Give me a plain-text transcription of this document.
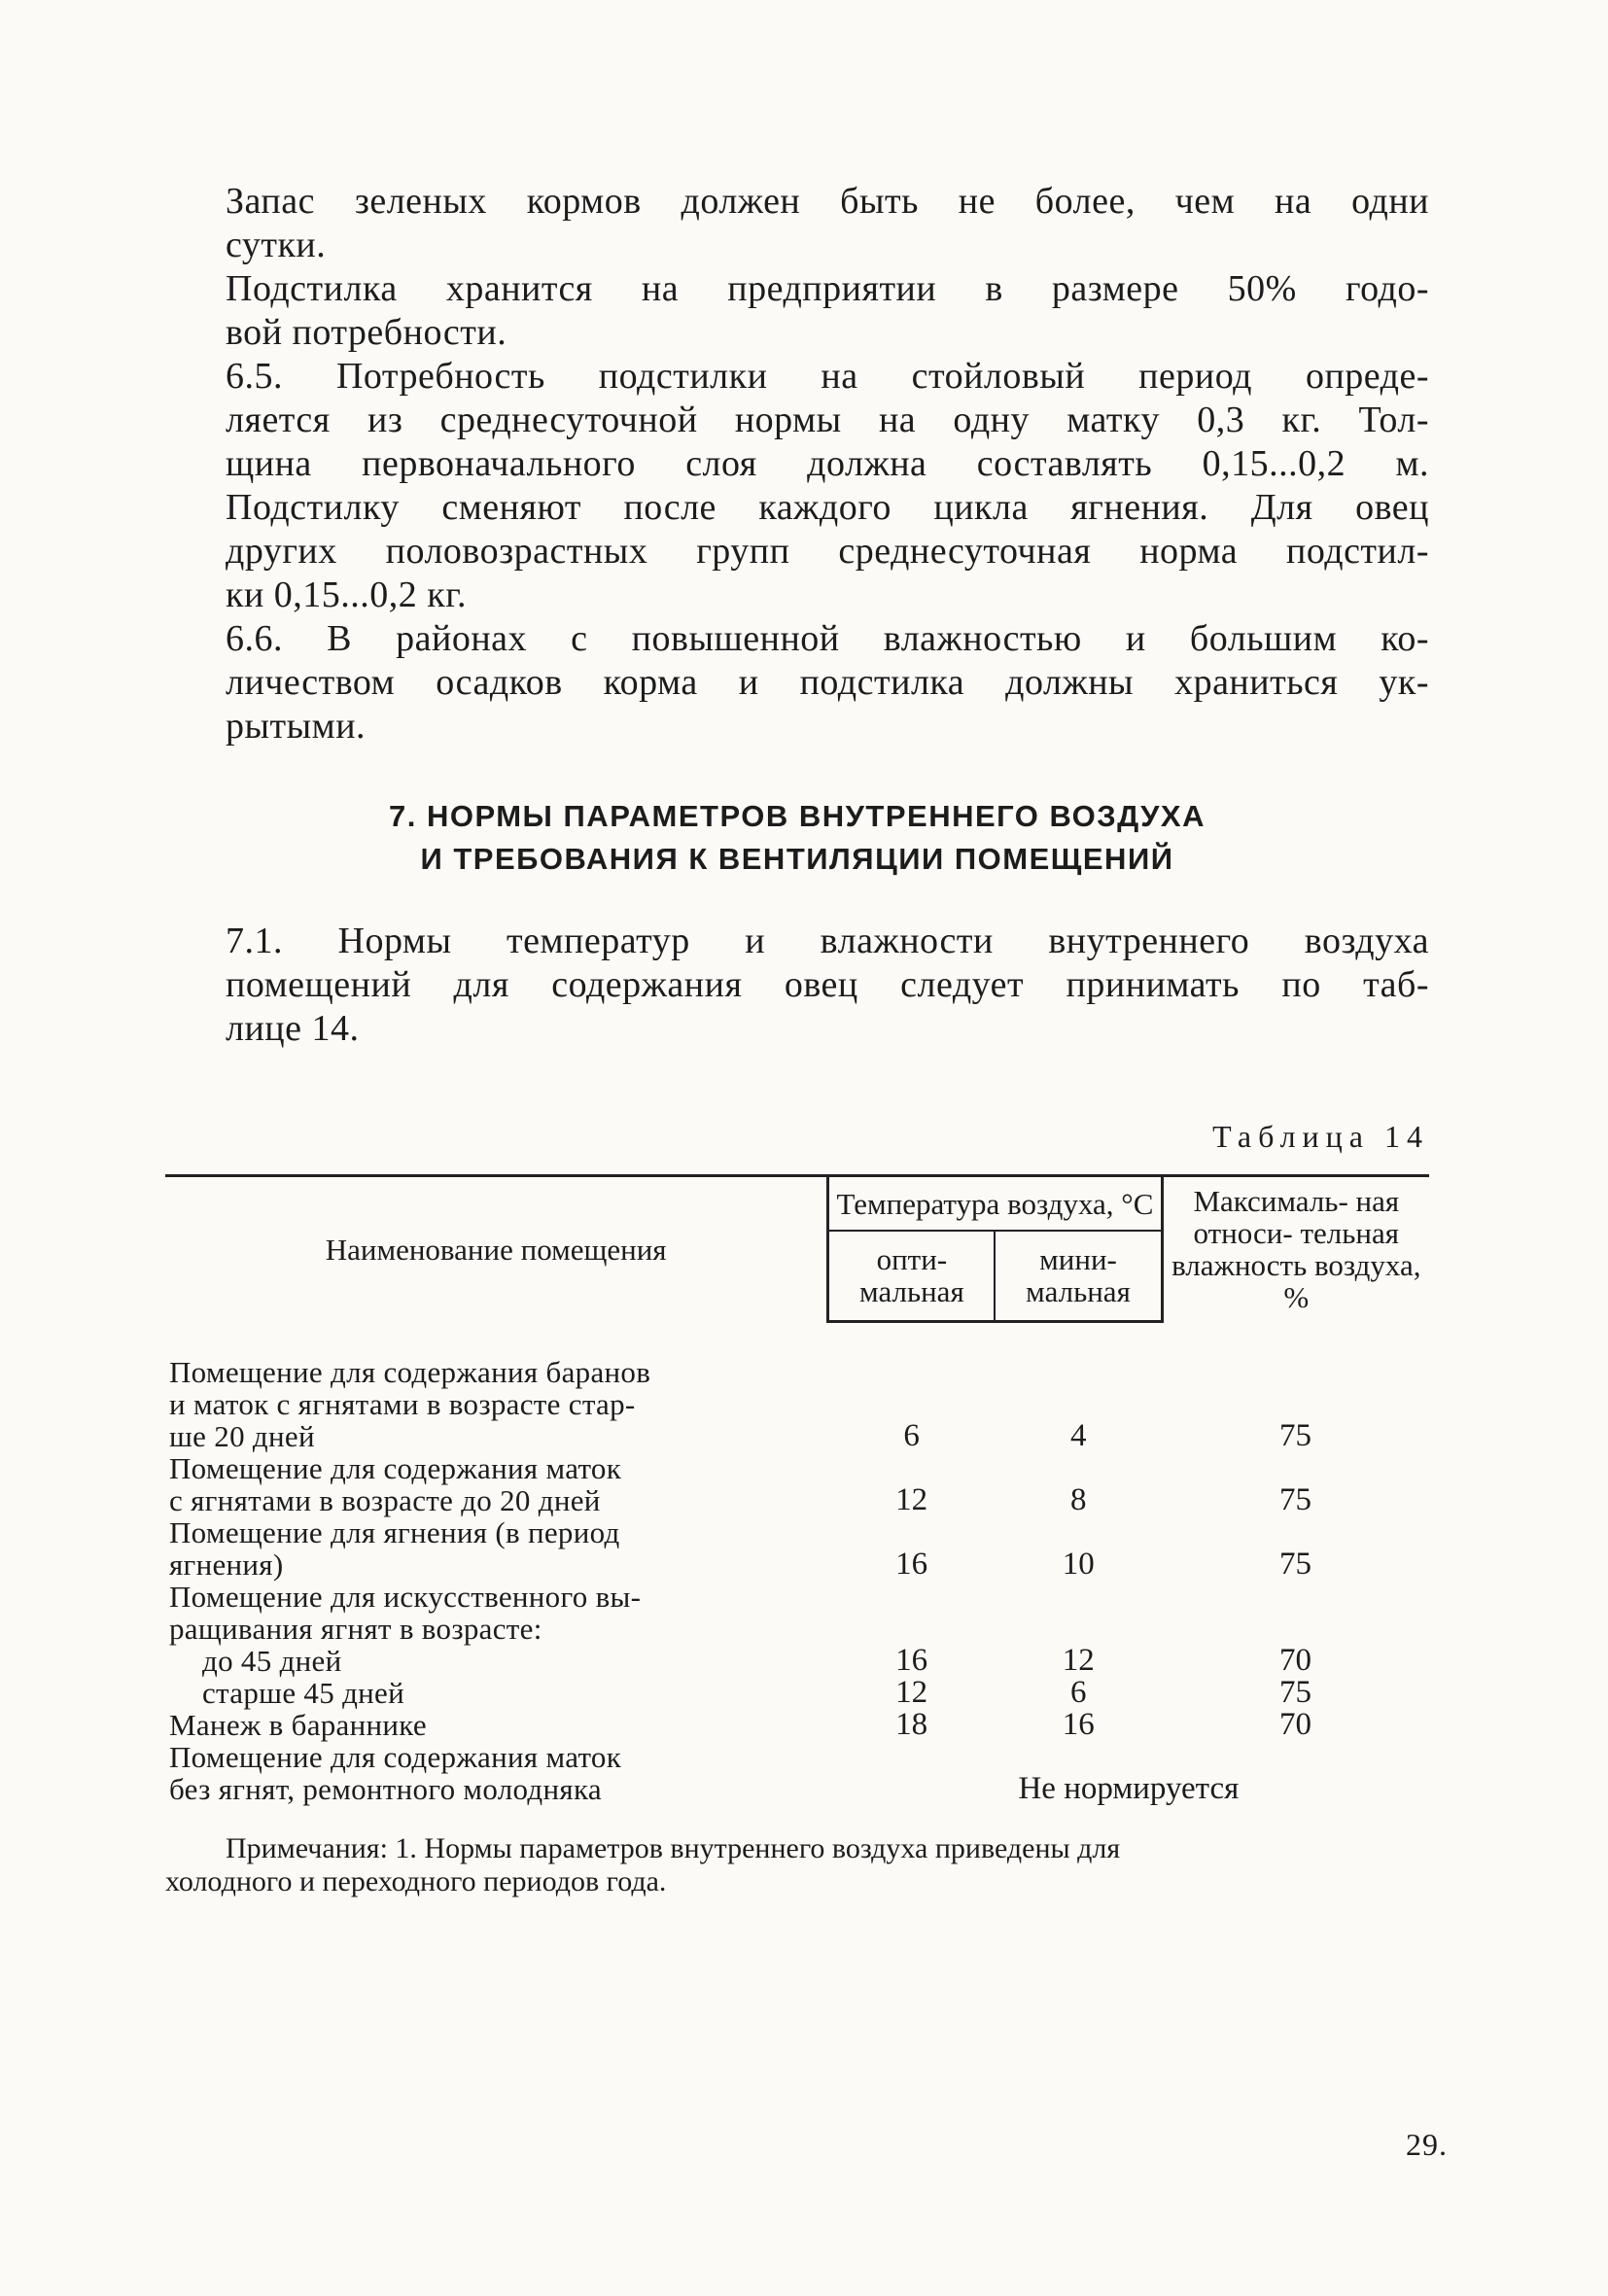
Запас зеленых кормов должен быть не более, чем на одни
сутки.

Подстилка хранится на предприятии в размере 50% годо-
вой потребности.

6.5. Потребность подстилки на стойловый период опреде-
ляется из среднесуточной нормы на одну матку 0,3 кг. Тол-
щина первоначального слоя должна составлять 0,15...0,2 м.
Подстилку сменяют после каждого цикла ягнения. Для овец
других половозрастных групп среднесуточная норма подстил-
ки 0,15...0,2 кг.

6.6. В районах с повышенной влажностью и большим ко-
личеством осадков корма и подстилка должны храниться ук-
рытыми.

7. НОРМЫ ПАРАМЕТРОВ ВНУТРЕННЕГО ВОЗДУХА
И ТРЕБОВАНИЯ К ВЕНТИЛЯЦИИ ПОМЕЩЕНИЙ

7.1. Нормы температур и влажности внутреннего воздуха
помещений для содержания овец следует принимать по таб-
лице 14.

Таблица 14
Наименование помещения	Температура воздуха, °С		Максималь- ная относи- тельная влажность воздуха, %
	опти- мальная	мини- мальная	

Помещение для содержания баранов
и маток с ягнятами в возрасте стар-
ше 20 дней	6	4	75

Помещение для содержания маток
с ягнятами в возрасте до 20 дней	12	8	75

Помещение для ягнения (в период
ягнения)	16	10	75

Помещение для искусственного вы-
ращивания ягнят в возрасте:			

до 45 дней	16	12	70

старше 45 дней	12	6	75

Манеж в бараннике	18	16	70

Помещение для содержания маток
без ягнят, ремонтного молодняка	Не нормируется		
Примечания: 1. Нормы параметров внутреннего воздуха приведены для
холодного и переходного периодов года.
29.
